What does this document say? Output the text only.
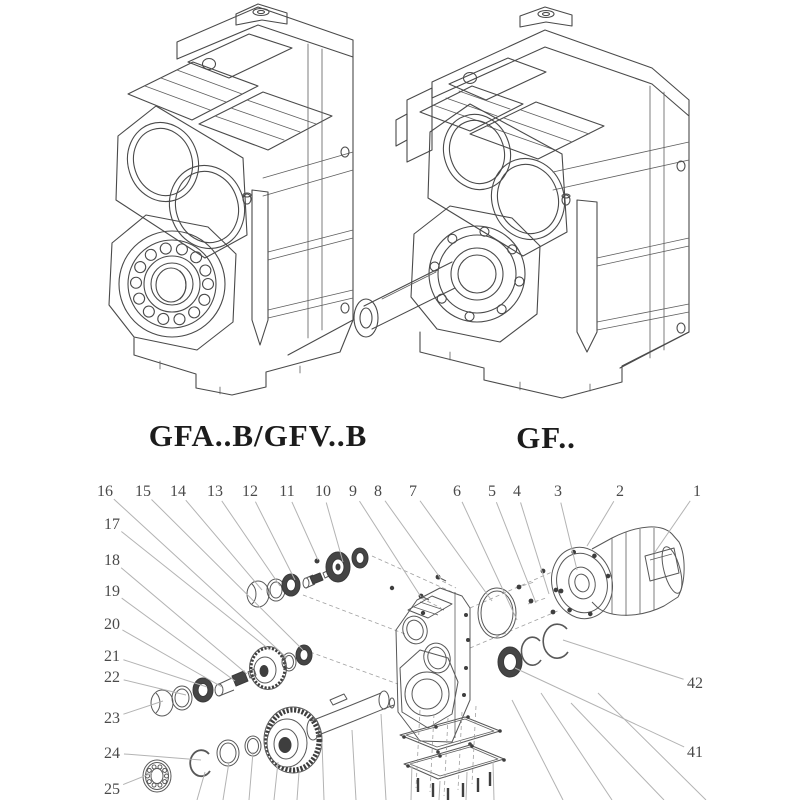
1
2
3
4
5
6
7
8
9
10
11
12
13
14
15
16
17
18
19
20
21
22
23
24
25
42
41
GFA..B/GFV..B	GF..
